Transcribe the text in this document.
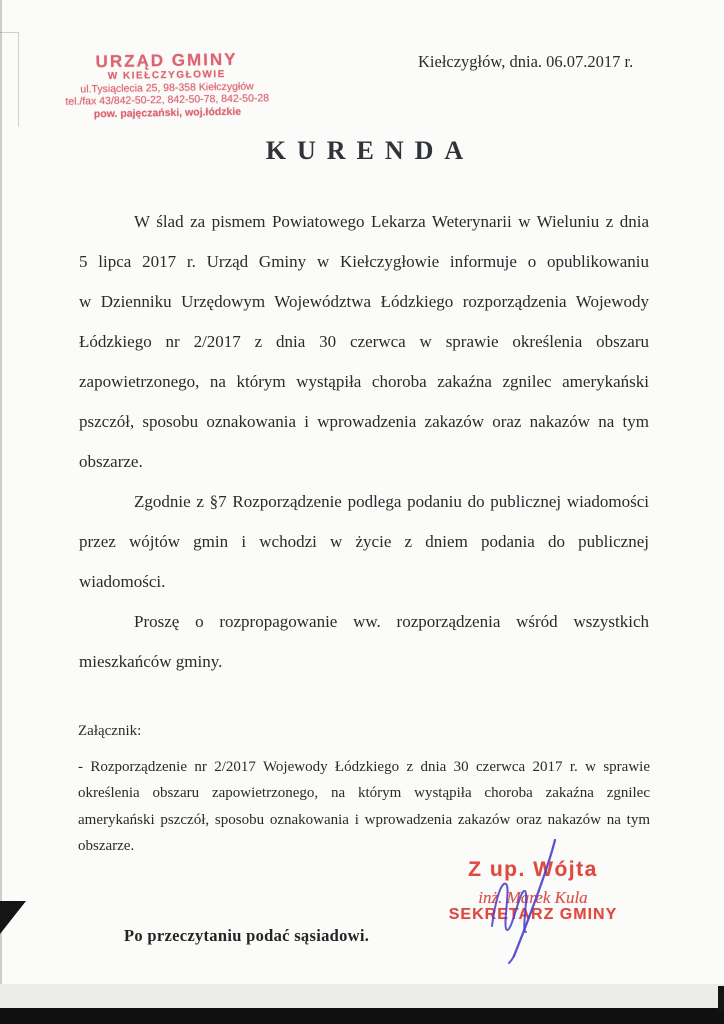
URZĄD GMINY
W KIEŁCZYGŁOWIE
ul.Tysiąclecia 25, 98-358 Kiełczygłów
tel./fax 43/842-50-22, 842-50-78, 842-50-28
pow. pajęczański, woj.łódzkie
Kiełczygłów, dnia. 06.07.2017 r.
KURENDA
W ślad za pismem Powiatowego Lekarza Weterynarii w Wieluniu z dnia
5 lipca 2017 r. Urząd Gminy w Kiełczygłowie informuje o opublikowaniu
w Dzienniku Urzędowym Województwa Łódzkiego rozporządzenia Wojewody
Łódzkiego nr 2/2017 z dnia 30 czerwca w sprawie określenia obszaru
zapowietrzonego, na którym wystąpiła choroba zakaźna zgnilec amerykański
pszczół, sposobu oznakowania i wprowadzenia zakazów oraz nakazów na tym
obszarze.
Zgodnie z §7 Rozporządzenie podlega podaniu do publicznej wiadomości
przez wójtów gmin i wchodzi w życie z dniem podania do publicznej
wiadomości.
Proszę o rozpropagowanie ww. rozporządzenia wśród wszystkich
mieszkańców gminy.
Załącznik:
- Rozporządzenie nr 2/2017 Wojewody Łódzkiego z dnia 30 czerwca 2017 r. w sprawie
określenia obszaru zapowietrzonego, na którym wystąpiła choroba zakaźna zgnilec
amerykański pszczół, sposobu oznakowania i wprowadzenia zakazów oraz nakazów na tym
obszarze.
Z up. Wójta
inż. Marek Kula
SEKRETARZ GMINY
Po przeczytaniu podać sąsiadowi.
